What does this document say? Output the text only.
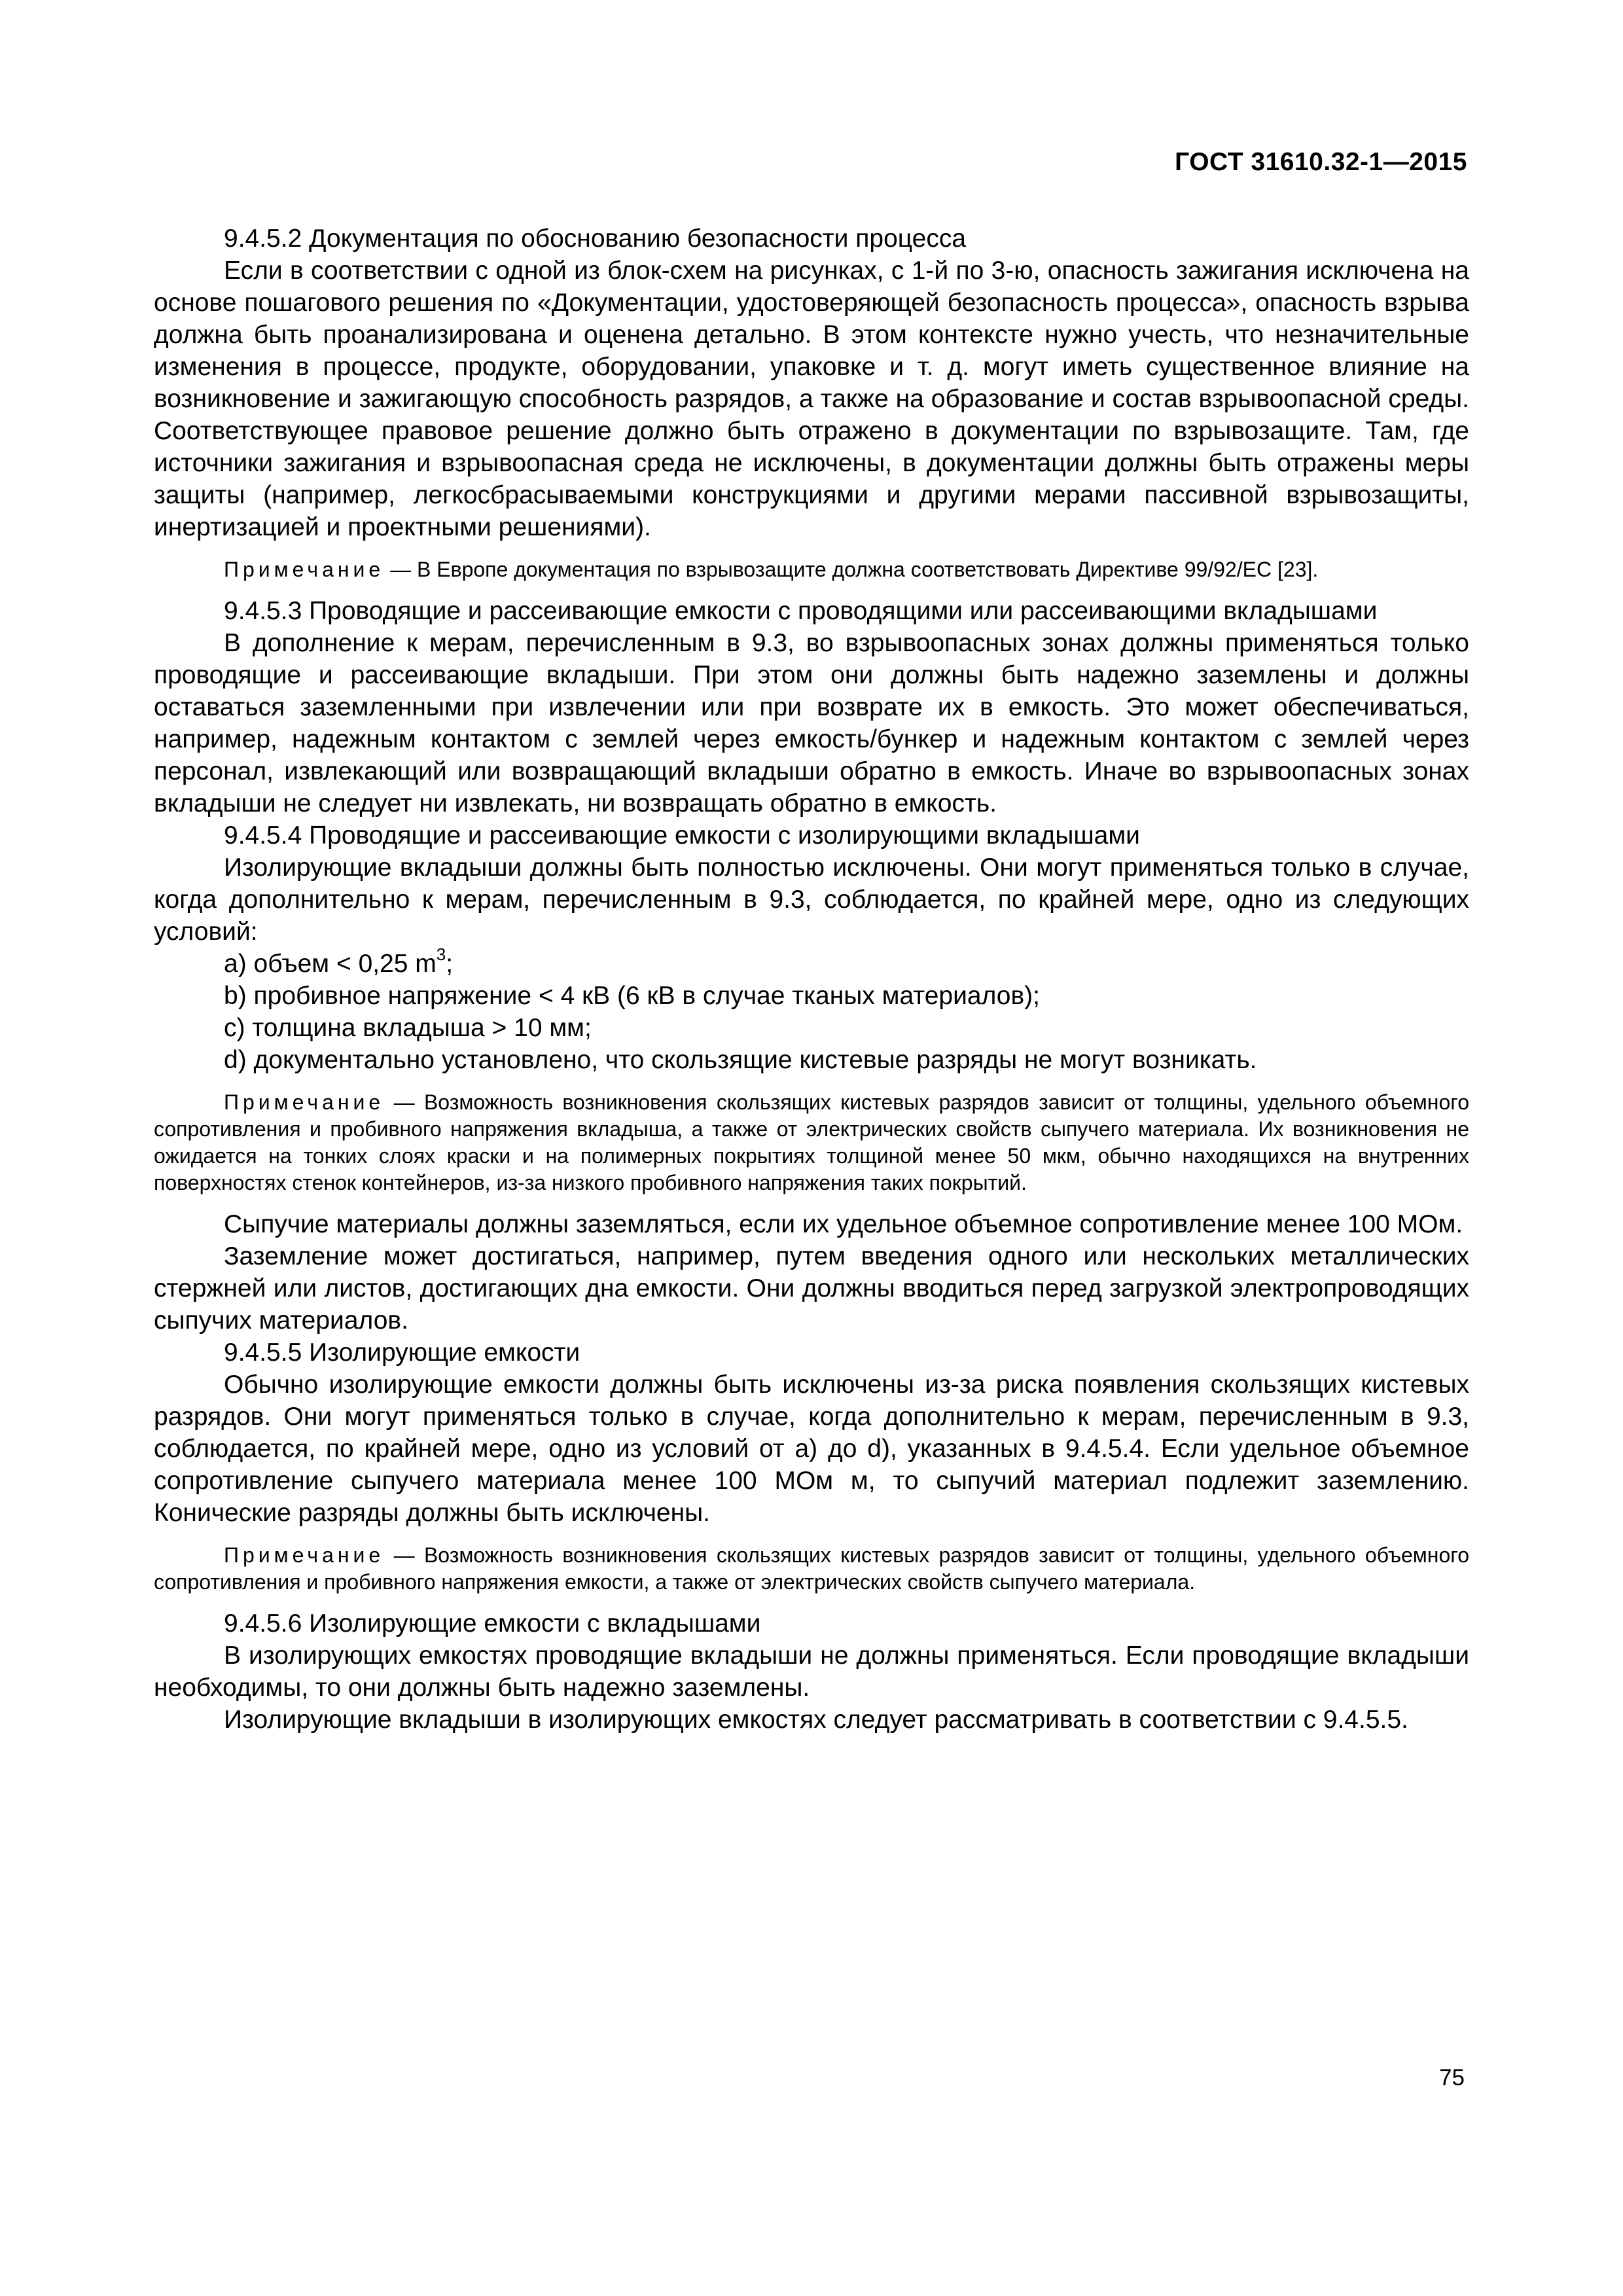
ГОСТ 31610.32-1—2015

9.4.5.2 Документация по обоснованию безопасности процесса

Если в соответствии с одной из блок-схем на рисунках, с 1-й по 3-ю, опасность зажигания исключена на основе пошагового решения по «Документации, удостоверяющей безопасность процесса», опасность взрыва должна быть проанализирована и оценена детально. В этом контексте нужно учесть, что незначительные изменения в процессе, продукте, оборудовании, упаковке и т. д. могут иметь существенное влияние на возникновение и зажигающую способность разрядов, а также на образование и состав взрывоопасной среды. Соответствующее правовое решение должно быть отражено в документации по взрывозащите. Там, где источники зажигания и взрывоопасная среда не исключены, в документации должны быть отражены меры защиты (например, легкосбрасываемыми конструкциями и другими мерами пассивной взрывозащиты, инертизацией и проектными решениями).

Примечание — В Европе документация по взрывозащите должна соответствовать Директиве 99/92/ЕС [23].

9.4.5.3 Проводящие и рассеивающие емкости с проводящими или рассеивающими вкладышами

В дополнение к мерам, перечисленным в 9.3, во взрывоопасных зонах должны применяться только проводящие и рассеивающие вкладыши. При этом они должны быть надежно заземлены и должны оставаться заземленными при извлечении или при возврате их в емкость. Это может обеспечиваться, например, надежным контактом с землей через емкость/бункер и надежным контактом с землей через персонал, извлекающий или возвращающий вкладыши обратно в емкость. Иначе во взрывоопасных зонах вкладыши не следует ни извлекать, ни возвращать обратно в емкость.

9.4.5.4 Проводящие и рассеивающие емкости с изолирующими вкладышами

Изолирующие вкладыши должны быть полностью исключены. Они могут применяться только в случае, когда дополнительно к мерам, перечисленным в 9.3, соблюдается, по крайней мере, одно из следующих условий:

a) объем < 0,25 $m^3$;

b) пробивное напряжение < 4 кВ (6 кВ в случае тканых материалов);

c) толщина вкладыша > 10 мм;

d) документально установлено, что скользящие кистевые разряды не могут возникать.

Примечание — Возможность возникновения скользящих кистевых разрядов зависит от толщины, удельного объемного сопротивления и пробивного напряжения вкладыша, а также от электрических свойств сыпучего материала. Их возникновения не ожидается на тонких слоях краски и на полимерных покрытиях толщиной менее 50 мкм, обычно находящихся на внутренних поверхностях стенок контейнеров, из-за низкого пробивного напряжения таких покрытий.

Сыпучие материалы должны заземляться, если их удельное объемное сопротивление менее 100 МОм.

Заземление может достигаться, например, путем введения одного или нескольких металлических стержней или листов, достигающих дна емкости. Они должны вводиться перед загрузкой электропроводящих сыпучих материалов.

9.4.5.5 Изолирующие емкости

Обычно изолирующие емкости должны быть исключены из-за риска появления скользящих кистевых разрядов. Они могут применяться только в случае, когда дополнительно к мерам, перечисленным в 9.3, соблюдается, по крайней мере, одно из условий от a) до d), указанных в 9.4.5.4. Если удельное объемное сопротивление сыпучего материала менее 100 МОм м, то сыпучий материал подлежит заземлению. Конические разряды должны быть исключены.

Примечание — Возможность возникновения скользящих кистевых разрядов зависит от толщины, удельного объемного сопротивления и пробивного напряжения емкости, а также от электрических свойств сыпучего материала.

9.4.5.6 Изолирующие емкости с вкладышами

В изолирующих емкостях проводящие вкладыши не должны применяться. Если проводящие вкладыши необходимы, то они должны быть надежно заземлены.

Изолирующие вкладыши в изолирующих емкостях следует рассматривать в соответствии с 9.4.5.5.

75
